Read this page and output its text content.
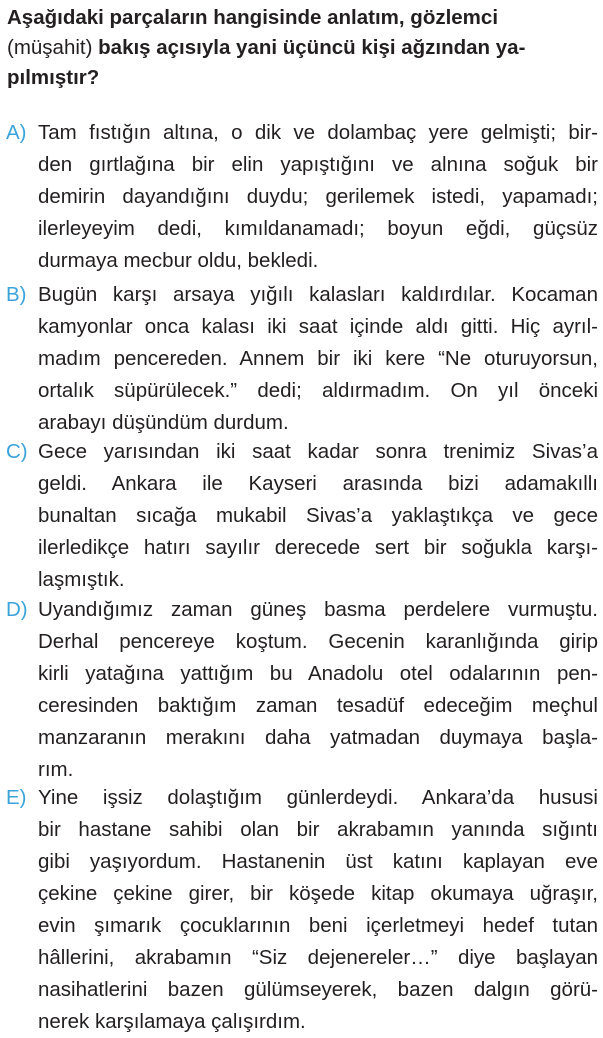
Aşağıdaki parçaların hangisinde anlatım, gözlemci
(müşahit) bakış açısıyla yani üçüncü kişi ağzından ya-
pılmıştır?
A) Tam fıstığın altına, o dik ve dolambaç yere gelmişti; bir-
den gırtlağına bir elin yapıştığını ve alnına soğuk bir
demirin dayandığını duydu; gerilemek istedi, yapamadı;
ilerleyeyim dedi, kımıldanamadı; boyun eğdi, güçsüz
durmaya mecbur oldu, bekledi.
B) Bugün karşı arsaya yığılı kalasları kaldırdılar. Kocaman
kamyonlar onca kalası iki saat içinde aldı gitti. Hiç ayrıl-
madım pencereden. Annem bir iki kere “Ne oturuyorsun,
ortalık süpürülecek.” dedi; aldırmadım. On yıl önceki
arabayı düşündüm durdum.
C) Gece yarısından iki saat kadar sonra trenimiz Sivas’a
geldi. Ankara ile Kayseri arasında bizi adamakıllı
bunaltan sıcağa mukabil Sivas’a yaklaştıkça ve gece
ilerledikçe hatırı sayılır derecede sert bir soğukla karşı-
laşmıştık.
D) Uyandığımız zaman güneş basma perdelere vurmuştu.
Derhal pencereye koştum. Gecenin karanlığında girip
kirli yatağına yattığım bu Anadolu otel odalarının pen-
ceresinden baktığım zaman tesadüf edeceğim meçhul
manzaranın merakını daha yatmadan duymaya başla-
rım.
E) Yine işsiz dolaştığım günlerdeydi. Ankara’da hususi
bir hastane sahibi olan bir akrabamın yanında sığıntı
gibi yaşıyordum. Hastanenin üst katını kaplayan eve
çekine çekine girer, bir köşede kitap okumaya uğraşır,
evin şımarık çocuklarının beni içerletmeyi hedef tutan
hâllerini, akrabamın “Siz dejenereler…” diye başlayan
nasihatlerini bazen gülümseyerek, bazen dalgın görü-
nerek karşılamaya çalışırdım.
